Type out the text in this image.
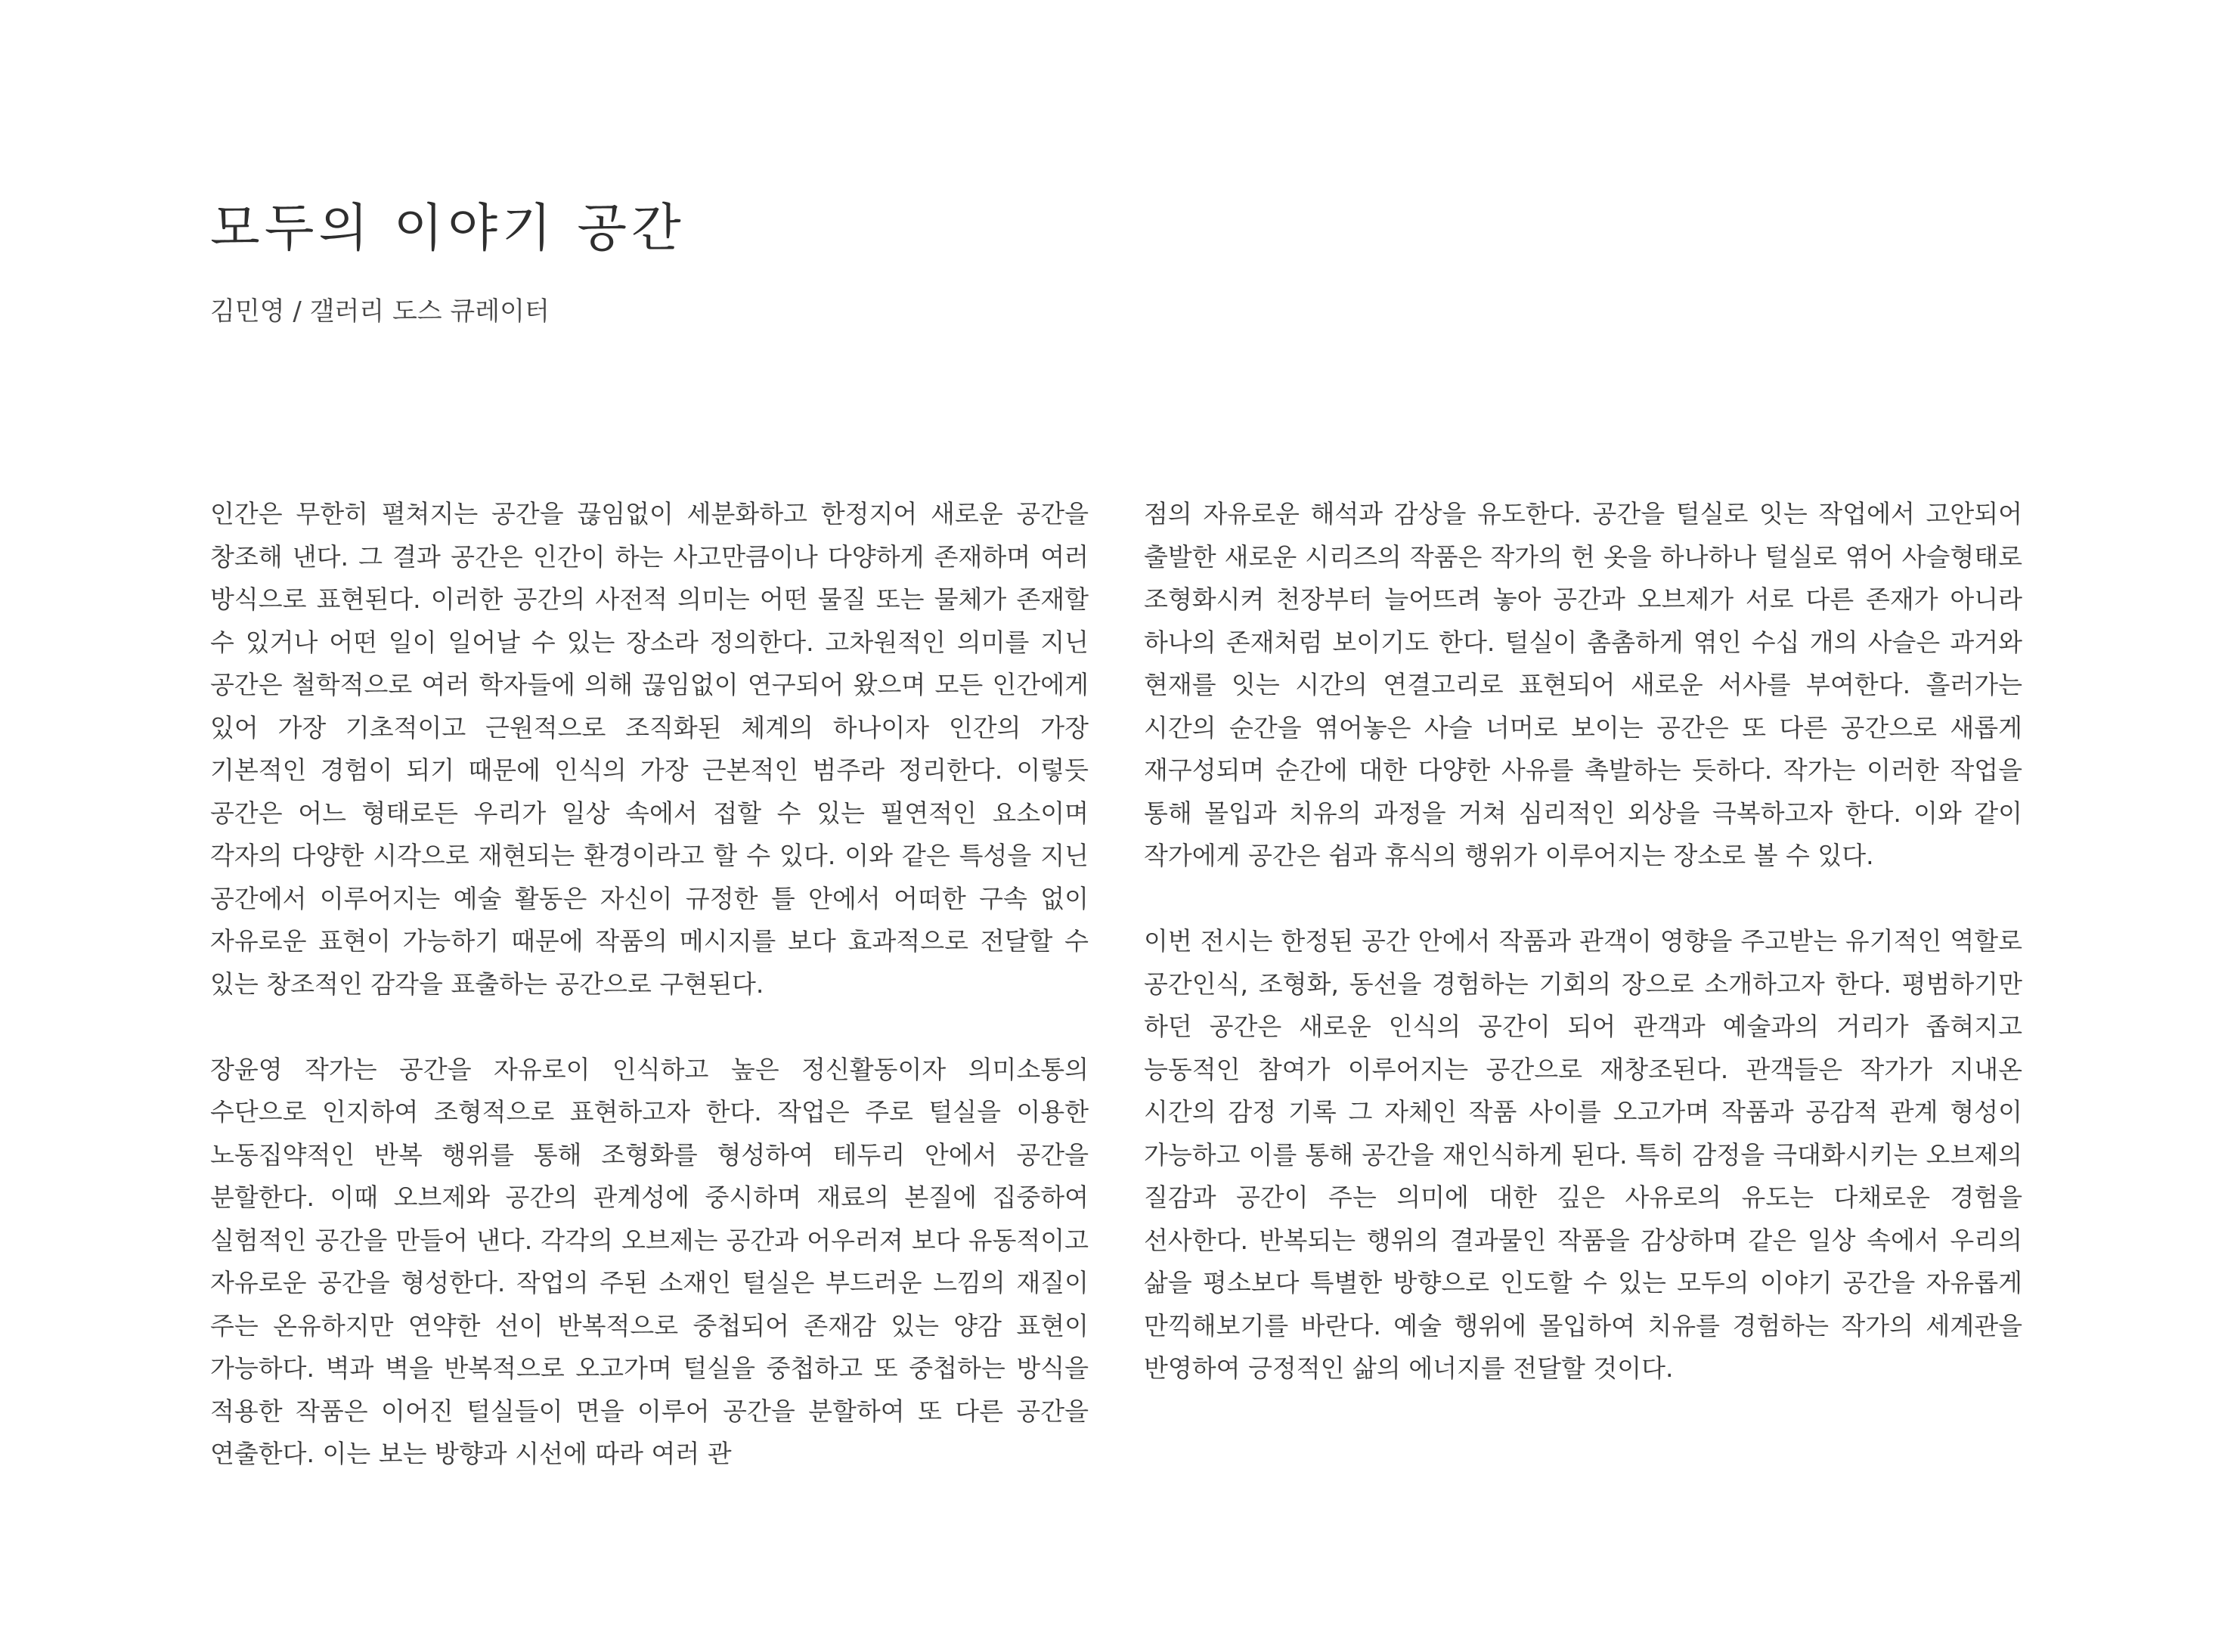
모두의 이야기 공간

김민영 / 갤러리 도스 큐레이터

인간은 무한히 펼쳐지는 공간을 끊임없이 세분화하고 한정지어 새로운 공간을 창조해 낸다. 그 결과 공간은 인간이 하는 사고만큼이나 다양하게 존재하며 여러 방식으로 표현된다. 이러한 공간의 사전적 의미는 어떤 물질 또는 물체가 존재할 수 있거나 어떤 일이 일어날 수 있는 장소라 정의한다. 고차원적인 의미를 지닌 공간은 철학적으로 여러 학자들에 의해 끊임없이 연구되어 왔으며 모든 인간에게 있어 가장 기초적이고 근원적으로 조직화된 체계의 하나이자 인간의 가장 기본적인 경험이 되기 때문에 인식의 가장 근본적인 범주라 정리한다. 이렇듯 공간은 어느 형태로든 우리가 일상 속에서 접할 수 있는 필연적인 요소이며 각자의 다양한 시각으로 재현되는 환경이라고 할 수 있다. 이와 같은 특성을 지닌 공간에서 이루어지는 예술 활동은 자신이 규정한 틀 안에서 어떠한 구속 없이 자유로운 표현이 가능하기 때문에 작품의 메시지를 보다 효과적으로 전달할 수 있는 창조적인 감각을 표출하는 공간으로 구현된다.

장윤영 작가는 공간을 자유로이 인식하고 높은 정신활동이자 의미소통의 수단으로 인지하여 조형적으로 표현하고자 한다. 작업은 주로 털실을 이용한 노동집약적인 반복 행위를 통해 조형화를 형성하여 테두리 안에서 공간을 분할한다. 이때 오브제와 공간의 관계성에 중시하며 재료의 본질에 집중하여 실험적인 공간을 만들어 낸다. 각각의 오브제는 공간과 어우러져 보다 유동적이고 자유로운 공간을 형성한다. 작업의 주된 소재인 털실은 부드러운 느낌의 재질이 주는 온유하지만 연약한 선이 반복적으로 중첩되어 존재감 있는 양감 표현이 가능하다. 벽과 벽을 반복적으로 오고가며 털실을 중첩하고 또 중첩하는 방식을 적용한 작품은 이어진 털실들이 면을 이루어 공간을 분할하여 또 다른 공간을 연출한다. 이는 보는 방향과 시선에 따라 여러 관

점의 자유로운 해석과 감상을 유도한다. 공간을 털실로 잇는 작업에서 고안되어 출발한 새로운 시리즈의 작품은 작가의 헌 옷을 하나하나 털실로 엮어 사슬형태로 조형화시켜 천장부터 늘어뜨려 놓아 공간과 오브제가 서로 다른 존재가 아니라 하나의 존재처럼 보이기도 한다. 털실이 촘촘하게 엮인 수십 개의 사슬은 과거와 현재를 잇는 시간의 연결고리로 표현되어 새로운 서사를 부여한다. 흘러가는 시간의 순간을 엮어놓은 사슬 너머로 보이는 공간은 또 다른 공간으로 새롭게 재구성되며 순간에 대한 다양한 사유를 촉발하는 듯하다. 작가는 이러한 작업을 통해 몰입과 치유의 과정을 거쳐 심리적인 외상을 극복하고자 한다. 이와 같이 작가에게 공간은 쉼과 휴식의 행위가 이루어지는 장소로 볼 수 있다.

이번 전시는 한정된 공간 안에서 작품과 관객이 영향을 주고받는 유기적인 역할로 공간인식, 조형화, 동선을 경험하는 기회의 장으로 소개하고자 한다. 평범하기만 하던 공간은 새로운 인식의 공간이 되어 관객과 예술과의 거리가 좁혀지고 능동적인 참여가 이루어지는 공간으로 재창조된다. 관객들은 작가가 지내온 시간의 감정 기록 그 자체인 작품 사이를 오고가며 작품과 공감적 관계 형성이 가능하고 이를 통해 공간을 재인식하게 된다. 특히 감정을 극대화시키는 오브제의 질감과 공간이 주는 의미에 대한 깊은 사유로의 유도는 다채로운 경험을 선사한다. 반복되는 행위의 결과물인 작품을 감상하며 같은 일상 속에서 우리의 삶을 평소보다 특별한 방향으로 인도할 수 있는 모두의 이야기 공간을 자유롭게 만끽해보기를 바란다. 예술 행위에 몰입하여 치유를 경험하는 작가의 세계관을 반영하여 긍정적인 삶의 에너지를 전달할 것이다.
